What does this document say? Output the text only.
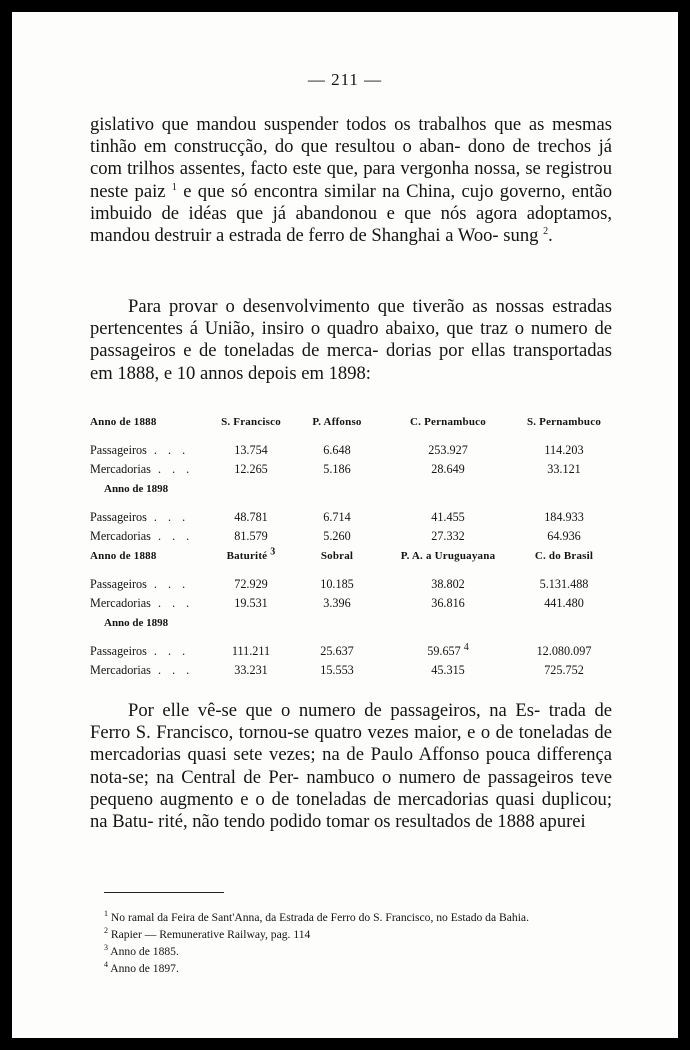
— 211 —

gislativo que mandou suspender todos os trabalhos que as mesmas tinhão em construcção, do que resultou o aban- dono de trechos já com trilhos assentes, facto este que, para vergonha nossa, se registrou neste paiz $^1$ e que só encontra similar na China, cujo governo, então imbuido de idéas que já abandonou e que nós agora adoptamos, mandou destruir a estrada de ferro de Shanghai a Woo- sung $^2$.

Para provar o desenvolvimento que tiverão as nossas estradas pertencentes á União, insiro o quadro abaixo, que traz o numero de passageiros e de toneladas de merca- dorias por ellas transportadas em 1888, e 10 annos depois em 1898:

Anno de 1888	S. Francisco	P. Affonso	C. Pernambuco	S. Pernambuco

Passageiros . . .	13.754	6.648	253.927	114.203
Mercadorias . . .	12.265	5.186	28.649	33.121
Anno de 1898				

Passageiros . . .	48.781	6.714	41.455	184.933
Mercadorias . . .	81.579	5.260	27.332	64.936
Anno de 1888	Baturité $^3$	Sobral	P. A. a Uruguayana	C. do Brasil

Passageiros . . .	72.929	10.185	38.802	5.131.488
Mercadorias . . .	19.531	3.396	36.816	441.480
Anno de 1898				

Passageiros . . .	111.211	25.637	59.657 $^4$	12.080.097
Mercadorias . . .	33.231	15.553	45.315	725.752

Por elle vê-se que o numero de passageiros, na Es- trada de Ferro S. Francisco, tornou-se quatro vezes maior, e o de toneladas de mercadorias quasi sete vezes; na de Paulo Affonso pouca differença nota-se; na Central de Per- nambuco o numero de passageiros teve pequeno augmento e o de toneladas de mercadorias quasi duplicou; na Batu- rité, não tendo podido tomar os resultados de 1888 apurei

$^1$ No ramal da Feira de Sant'Anna, da Estrada de Ferro do S. Francisco, no Estado da Bahia.
$^2$ Rapier — Remunerative Railway, pag. 114
$^3$ Anno de 1885.
$^4$ Anno de 1897.
